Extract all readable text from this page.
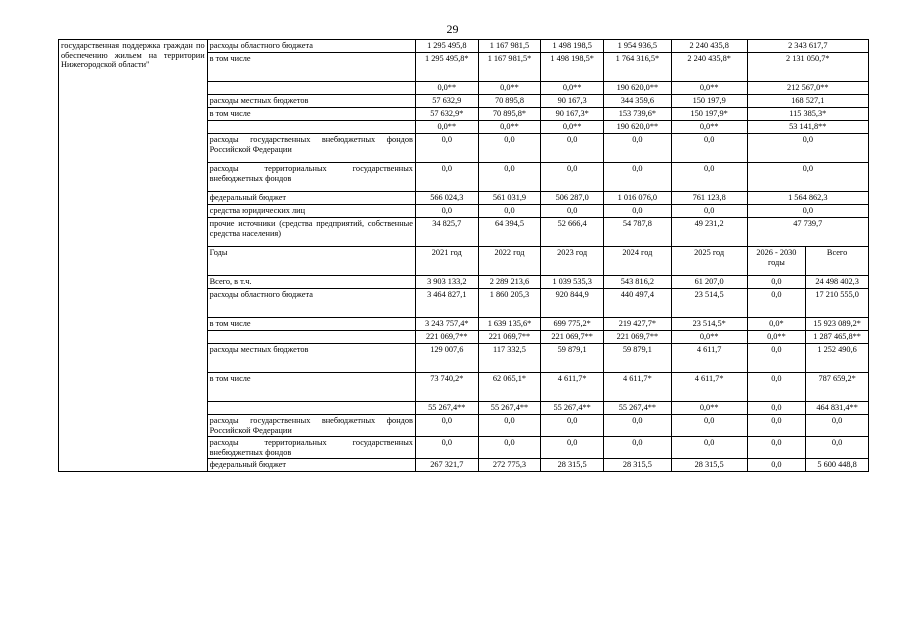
29
государственная поддержка граждан по обеспечению жильем на территории Нижегородской области"	расходы областного бюджета	1 295 495,8	1 167 981,5	1 498 198,5	1 954 936,5	2 240 435,8	2 343 617,7	
	в том числе	1 295 495,8*	1 167 981,5*	1 498 198,5*	1 764 316,5*	2 240 435,8*	2 131 050,7*	
		0,0**	0,0**	0,0**	190 620,0**	0,0**	212 567,0**	
	расходы местных бюджетов	57 632,9	70 895,8	90 167,3	344 359,6	150 197,9	168 527,1	
	в том числе	57 632,9*	70 895,8*	90 167,3*	153 739,6*	150 197,9*	115 385,3*	
		0,0**	0,0**	0,0**	190 620,0**	0,0**	53 141,8**	
	расходы государственных внебюджетных фондов Российской Федерации	0,0	0,0	0,0	0,0	0,0	0,0	
	расходы территориальных государственных внебюджетных фондов	0,0	0,0	0,0	0,0	0,0	0,0	
	федеральный бюджет	566 024,3	561 031,9	506 287,0	1 016 076,0	761 123,8	1 564 862,3	
	средства юридических лиц	0,0	0,0	0,0	0,0	0,0	0,0	
	прочие источники (средства предприятий, собственные средства населения)	34 825,7	64 394,5	52 666,4	54 787,8	49 231,2	47 739,7	
	Годы	2021 год	2022 год	2023 год	2024 год	2025 год	2026 - 2030 годы	Всего
	Всего, в т.ч.	3 903 133,2	2 289 213,6	1 039 535,3	543 816,2	61 207,0	0,0	24 498 402,3
	расходы областного бюджета	3 464 827,1	1 860 205,3	920 844,9	440 497,4	23 514,5	0,0	17 210 555,0
	в том числе	3 243 757,4*	1 639 135,6*	699 775,2*	219 427,7*	23 514,5*	0,0*	15 923 089,2*
		221 069,7**	221 069,7**	221 069,7**	221 069,7**	0,0**	0,0**	1 287 465,8**
	расходы местных бюджетов	129 007,6	117 332,5	59 879,1	59 879,1	4 611,7	0,0	1 252 490,6
	в том числе	73 740,2*	62 065,1*	4 611,7*	4 611,7*	4 611,7*	0,0	787 659,2*
		55 267,4**	55 267,4**	55 267,4**	55 267,4**	0,0**	0,0	464 831,4**
	расходы государственных внебюджетных фондов Российской Федерации	0,0	0,0	0,0	0,0	0,0	0,0	0,0
	расходы территориальных государственных внебюджетных фондов	0,0	0,0	0,0	0,0	0,0	0,0	0,0
	федеральный бюджет	267 321,7	272 775,3	28 315,5	28 315,5	28 315,5	0,0	5 600 448,8
